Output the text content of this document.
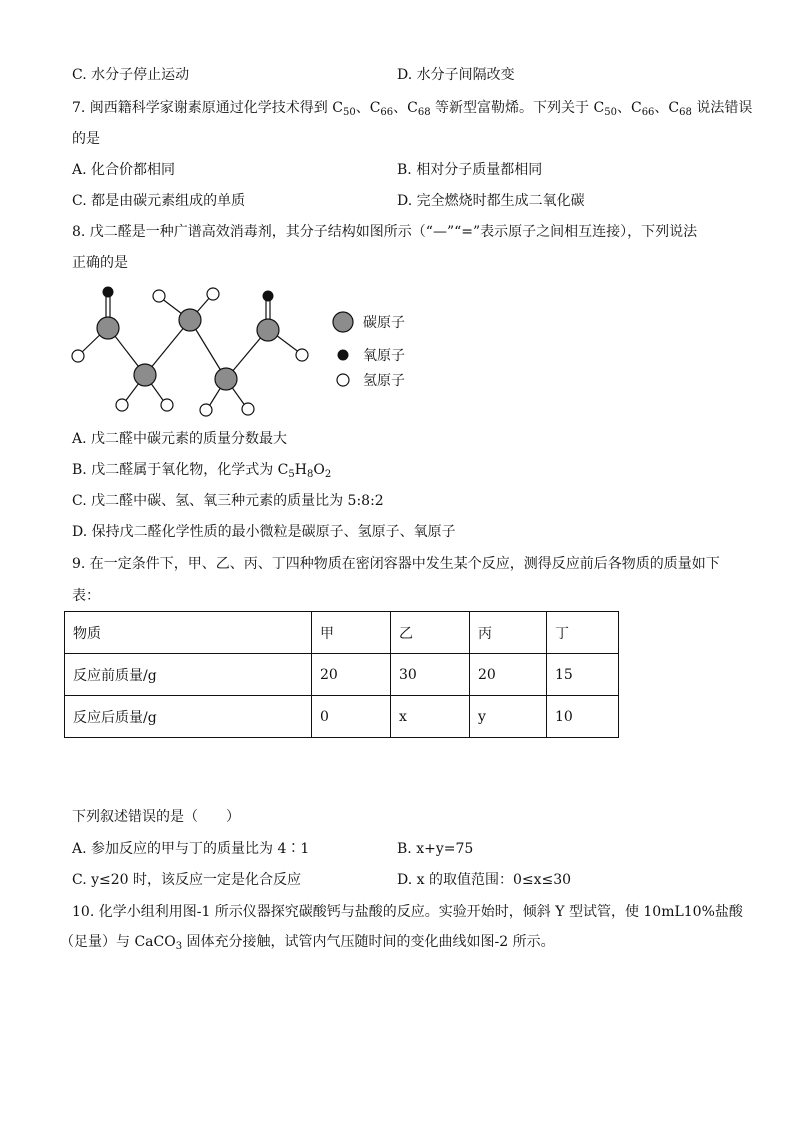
C. 水分子停止运动	D. 水分子间隔改变
7. 闽西籍科学家谢素原通过化学技术得到 $C_{50}$、$C_{66}$、$C_{68}$ 等新型富勒烯。下列关于 $C_{50}$、$C_{66}$、$C_{68}$ 说法错误
的是
A. 化合价都相同	B. 相对分子质量都相同
C. 都是由碳元素组成的单质	D. 完全燃烧时都生成二氧化碳
8. 戊二醛是一种广谱高效消毒剂，其分子结构如图所示（“—”“=”表示原子之间相互连接），下列说法
正确的是
碳原子
氧原子
氢原子
A. 戊二醛中碳元素的质量分数最大
B. 戊二醛属于氧化物，化学式为 $C_5H_8O_2$
C. 戊二醛中碳、氢、氧三种元素的质量比为 5:8:2
D. 保持戊二醛化学性质的最小微粒是碳原子、氢原子、氧原子
9. 在一定条件下，甲、乙、丙、丁四种物质在密闭容器中发生某个反应，测得反应前后各物质的质量如下
表：
物质	甲	乙	丙	丁
反应前质量/g	20	30	20	15
反应后质量/g	0	x	y	10
下列叙述错误的是（　　）
A. 参加反应的甲与丁的质量比为 4∶1	B. x+y=75
C. y≤20 时，该反应一定是化合反应	D. x 的取值范围：0≤x≤30
10. 化学小组利用图-1 所示仪器探究碳酸钙与盐酸的反应。实验开始时，倾斜 Y 型试管，使 10mL10%盐酸
（足量）与 CaCO$_3$ 固体充分接触，试管内气压随时间的变化曲线如图-2 所示。
